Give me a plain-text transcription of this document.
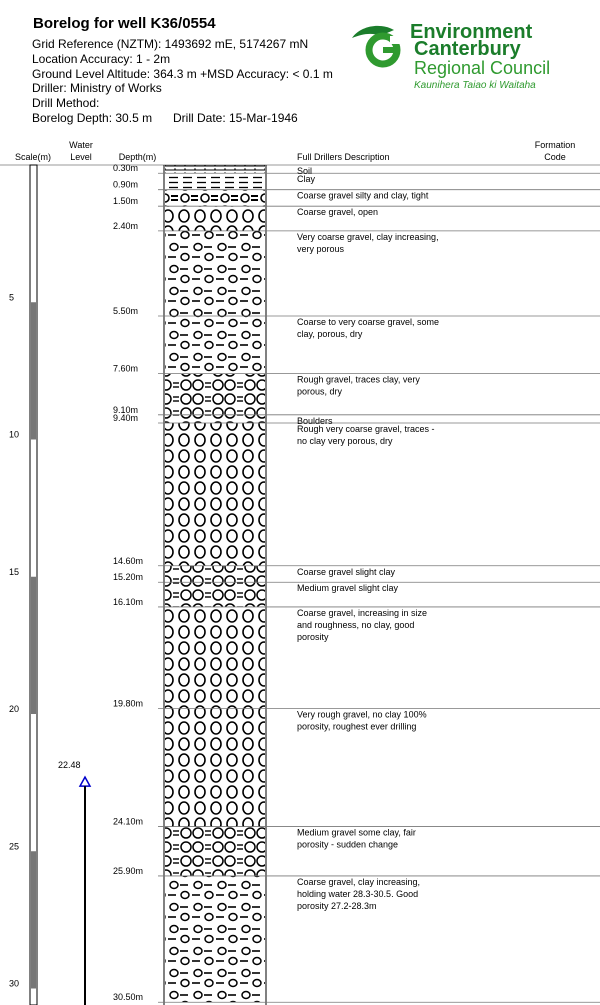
Borelog for well K36/0554
Grid Reference (NZTM): 1493692 mE, 5174267 mN
Location Accuracy: 1 - 2m
Ground Level Altitude: 364.3 m +MSD Accuracy: < 0.1 m
Driller: Ministry of Works
Drill Method:
Borelog Depth: 30.5 m Drill Date: 15-Mar-1946
Environment
Canterbury
Regional Council
Kaunihera Taiao ki Waitaha
Scale(m)
Water
Level	Depth(m)	Full Drillers Description
Formation
Code
5
10
15
20
25
30
0.30m
0.90m
1.50m
2.40m
5.50m
7.60m
9.10m
9.40m
14.60m
15.20m
16.10m
19.80m
24.10m
25.90m
30.50m
Soil
Clay
Coarse gravel silty and clay, tight
Coarse gravel, open
Very coarse gravel, clay increasing, very porous
Coarse to very coarse gravel, some clay, porous, dry
Rough gravel, traces clay, very porous, dry
Boulders
Rough very coarse gravel, traces -no clay very porous, dry
Coarse gravel slight clay
Medium gravel slight clay
Coarse gravel, increasing in size and roughness, no clay, good porosity
Very rough gravel, no clay 100% porosity, roughest ever drilling
Medium gravel some clay, fair porosity - sudden change
Coarse gravel, clay increasing, holding water 28.3-30.5. Good porosity 27.2-28.3m
22.48
